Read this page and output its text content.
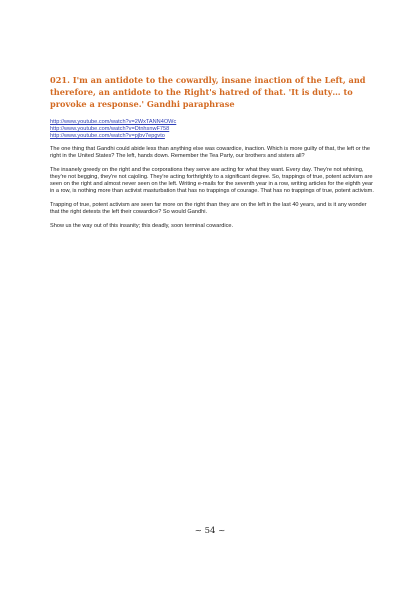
021. I'm an antidote to the cowardly, insane inaction of the Left, and therefore, an antidote to the Right's hatred of that. 'It is duty… to provoke a response.' Gandhi paraphrase
http://www.youtube.com/watch?v=2WxTANN4OWc
http://www.youtube.com/watch?v=DtnhsnwF758
http://www.youtube.com/watch?v=pjbv7epgvto

The one thing that Gandhi could abide less than anything else was cowardice, inaction. Which is more guilty of that, the left or the right in the United States? The left, hands down. Remember the Tea Party, our brothers and sisters all?

The insanely greedy on the right and the corporations they serve are acting for what they want. Every day. They're not whining, they're not begging, they're not cajoling. They're acting forthrightly to a significant degree. So, trappings of true, potent activism are seen on the right and almost never seen on the left. Writing e-mails for the seventh year in a row, writing articles for the eighth year in a row, is nothing more than activist masturbation that has no trappings of courage. That has no trappings of true, potent activism.

Trapping of true, potent activism are seen far more on the right than they are on the left in the last 40 years, and is it any wonder that the right detests the left their cowardice? So would Gandhi.

Show us the way out of this insanity; this deadly, soon terminal cowardice.

~ 54 ~
